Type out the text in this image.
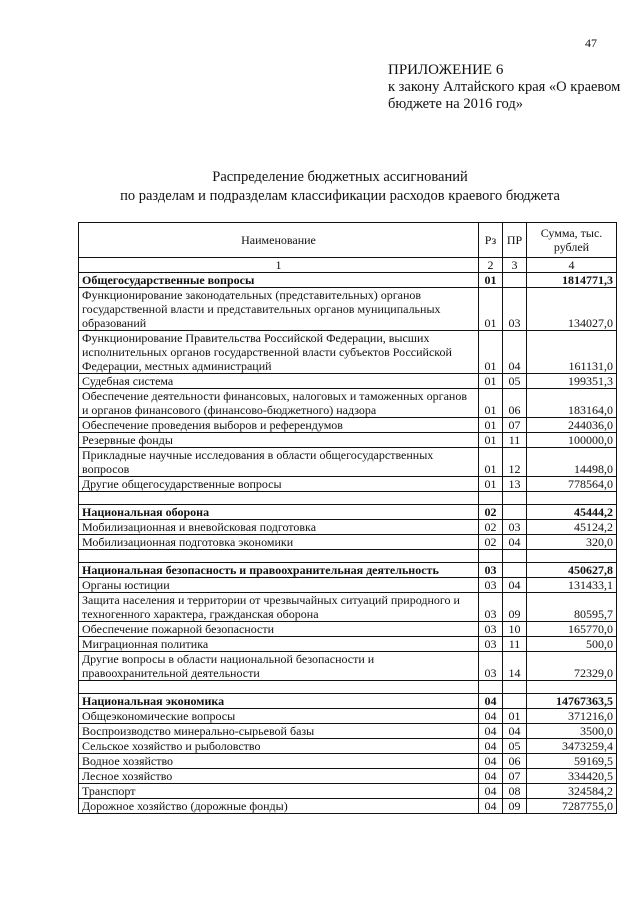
47
ПРИЛОЖЕНИЕ 6
к закону Алтайского края «О краевом бюджете на 2016 год»
Распределение бюджетных ассигнований
по разделам и подразделам классификации расходов краевого бюджета
Наименование	Рз	ПР	Сумма, тыс. рублей
1	2	3	4
Общегосударственные вопросы	01		1814771,3
Функционирование законодательных (представительных) органов государственной власти и представительных органов муниципальных образований	01	03	134027,0
Функционирование Правительства Российской Федерации, высших исполнительных органов государственной власти субъектов Российской Федерации, местных администраций	01	04	161131,0
Судебная система	01	05	199351,3
Обеспечение деятельности финансовых, налоговых и таможенных органов и органов финансового (финансово-бюджетного) надзора	01	06	183164,0
Обеспечение проведения выборов и референдумов	01	07	244036,0
Резервные фонды	01	11	100000,0
Прикладные научные исследования в области общегосударственных вопросов	01	12	14498,0
Другие общегосударственные вопросы	01	13	778564,0

Национальная оборона	02		45444,2
Мобилизационная и вневойсковая подготовка	02	03	45124,2
Мобилизационная подготовка экономики	02	04	320,0

Национальная безопасность и правоохранительная деятельность	03		450627,8
Органы юстиции	03	04	131433,1
Защита населения и территории от чрезвычайных ситуаций природного и техногенного характера, гражданская оборона	03	09	80595,7
Обеспечение пожарной безопасности	03	10	165770,0
Миграционная политика	03	11	500,0
Другие вопросы в области национальной безопасности и правоохранительной деятельности	03	14	72329,0

Национальная экономика	04		14767363,5
Общеэкономические вопросы	04	01	371216,0
Воспроизводство минерально-сырьевой базы	04	04	3500,0
Сельское хозяйство и рыболовство	04	05	3473259,4
Водное хозяйство	04	06	59169,5
Лесное хозяйство	04	07	334420,5
Транспорт	04	08	324584,2
Дорожное хозяйство (дорожные фонды)	04	09	7287755,0
